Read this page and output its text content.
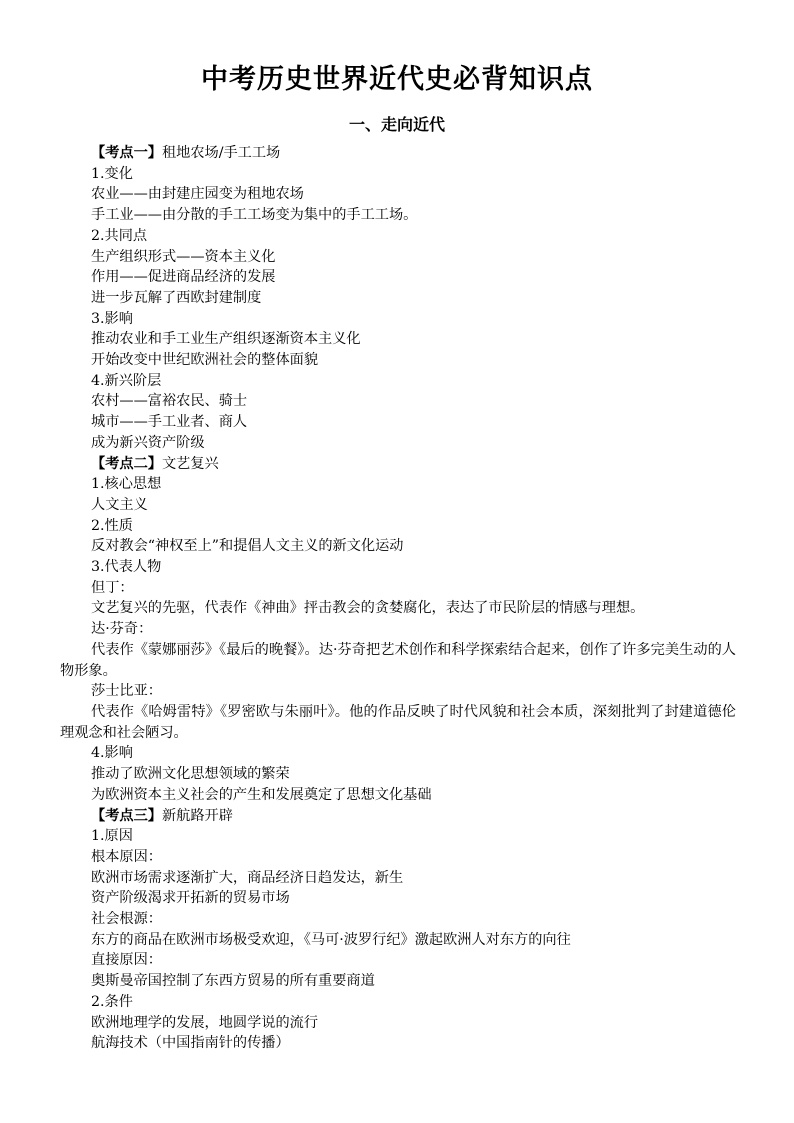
中考历史世界近代史必背知识点
一、走向近代

【考点一】租地农场/手工工场

1.变化

农业——由封建庄园变为租地农场

手工业——由分散的手工工场变为集中的手工工场。

2.共同点

生产组织形式——资本主义化

作用——促进商品经济的发展

进一步瓦解了西欧封建制度

3.影响

推动农业和手工业生产组织逐渐资本主义化

开始改变中世纪欧洲社会的整体面貌

4.新兴阶层

农村——富裕农民、骑士

城市——手工业者、商人

成为新兴资产阶级

【考点二】文艺复兴

1.核心思想

人文主义

2.性质

反对教会“神权至上”和提倡人文主义的新文化运动

3.代表人物

但丁：

文艺复兴的先驱，代表作《神曲》抨击教会的贪婪腐化，表达了市民阶层的情感与理想。

达·芬奇：

代表作《蒙娜丽莎》《最后的晚餐》。达·芬奇把艺术创作和科学探索结合起来，创作了许多完美生动的人物形象。

莎士比亚：

代表作《哈姆雷特》《罗密欧与朱丽叶》。他的作品反映了时代风貌和社会本质，深刻批判了封建道德伦理观念和社会陋习。

4.影响

推动了欧洲文化思想领域的繁荣

为欧洲资本主义社会的产生和发展奠定了思想文化基础

【考点三】新航路开辟

1.原因

根本原因：

欧洲市场需求逐渐扩大，商品经济日趋发达，新生

资产阶级渴求开拓新的贸易市场

社会根源：

东方的商品在欧洲市场极受欢迎，《马可·波罗行纪》激起欧洲人对东方的向往

直接原因：

奥斯曼帝国控制了东西方贸易的所有重要商道

2.条件

欧洲地理学的发展，地圆学说的流行

航海技术（中国指南针的传播）
